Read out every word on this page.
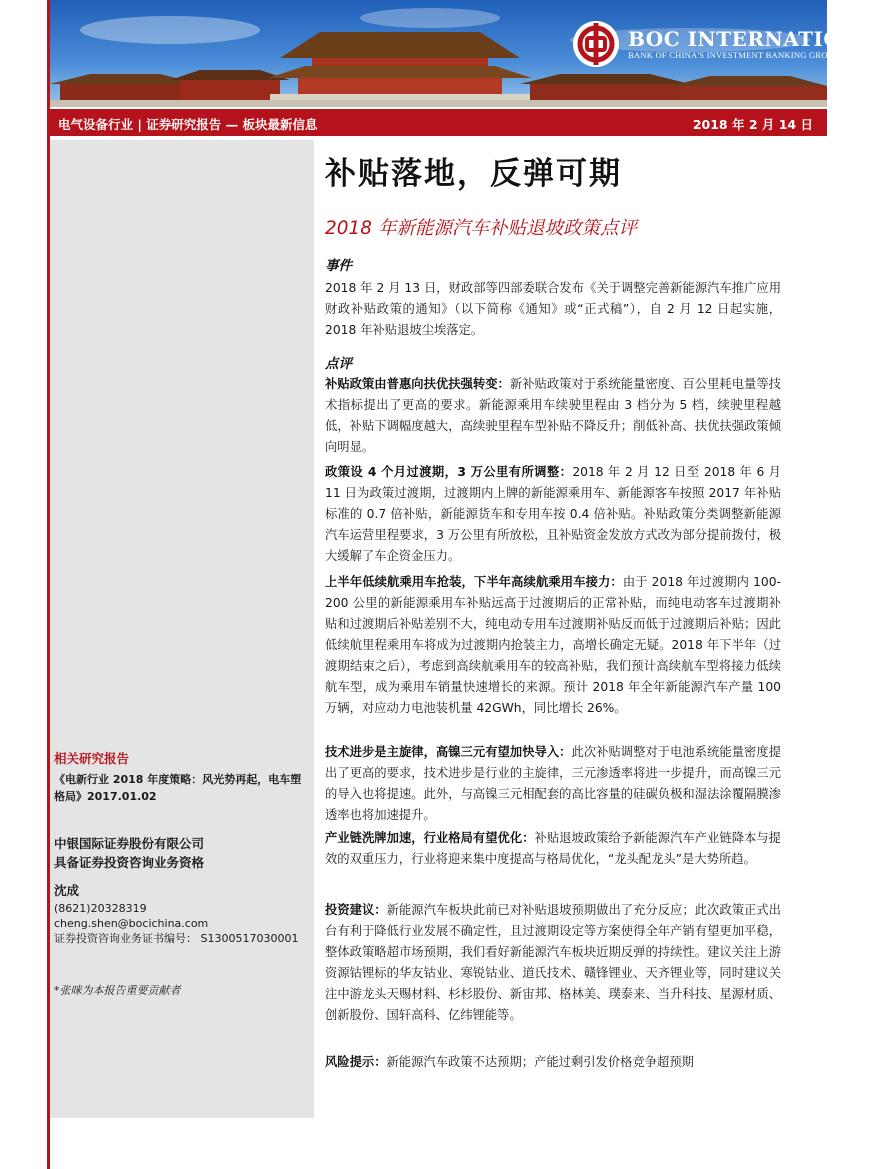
BOC INTERNATIONAL
BANK OF CHINA'S INVESTMENT BANKING GROUP
电气设备行业 | 证券研究报告 — 板块最新信息	2018 年 2 月 14 日
相关研究报告
《电新行业 2018 年度策略：风光势再起，电车塑格局》2017.01.02
中银国际证券股份有限公司
具备证券投资咨询业务资格
沈成
(8621)20328319
cheng.shen@bocichina.com
证券投资咨询业务证书编号： S1300517030001
*张咪为本报告重要贡献者
补贴落地，反弹可期
2018 年新能源汽车补贴退坡政策点评
事件
2018 年 2 月 13 日，财政部等四部委联合发布《关于调整完善新能源汽车推广应用财政补贴政策的通知》（以下简称《通知》或“正式稿”），自 2 月 12 日起实施，2018 年补贴退坡尘埃落定。
点评
补贴政策由普惠向扶优扶强转变：新补贴政策对于系统能量密度、百公里耗电量等技术指标提出了更高的要求。新能源乘用车续驶里程由 3 档分为 5 档，续驶里程越低，补贴下调幅度越大，高续驶里程车型补贴不降反升；削低补高、扶优扶强政策倾向明显。
政策设 4 个月过渡期，3 万公里有所调整：2018 年 2 月 12 日至 2018 年 6 月 11 日为政策过渡期，过渡期内上牌的新能源乘用车、新能源客车按照 2017 年补贴标准的 0.7 倍补贴，新能源货车和专用车按 0.4 倍补贴。补贴政策分类调整新能源汽车运营里程要求，3 万公里有所放松，且补贴资金发放方式改为部分提前拨付，极大缓解了车企资金压力。
上半年低续航乘用车抢装，下半年高续航乘用车接力：由于 2018 年过渡期内 100-200 公里的新能源乘用车补贴远高于过渡期后的正常补贴，而纯电动客车过渡期补贴和过渡期后补贴差别不大，纯电动专用车过渡期补贴反而低于过渡期后补贴；因此低续航里程乘用车将成为过渡期内抢装主力，高增长确定无疑。2018 年下半年（过渡期结束之后），考虑到高续航乘用车的较高补贴，我们预计高续航车型将接力低续航车型，成为乘用车销量快速增长的来源。预计 2018 年全年新能源汽车产量 100 万辆，对应动力电池装机量 42GWh，同比增长 26%。
技术进步是主旋律，高镍三元有望加快导入：此次补贴调整对于电池系统能量密度提出了更高的要求，技术进步是行业的主旋律，三元渗透率将进一步提升，而高镍三元的导入也将提速。此外，与高镍三元相配套的高比容量的硅碳负极和湿法涂覆隔膜渗透率也将加速提升。
产业链洗牌加速，行业格局有望优化：补贴退坡政策给予新能源汽车产业链降本与提效的双重压力，行业将迎来集中度提高与格局优化，“龙头配龙头”是大势所趋。
投资建议：新能源汽车板块此前已对补贴退坡预期做出了充分反应；此次政策正式出台有利于降低行业发展不确定性，且过渡期设定等方案使得全年产销有望更加平稳，整体政策略超市场预期，我们看好新能源汽车板块近期反弹的持续性。建议关注上游资源钴锂标的华友钴业、寒锐钴业、道氏技术、赣锋锂业、天齐锂业等，同时建议关注中游龙头天赐材料、杉杉股份、新宙邦、格林美、璞泰来、当升科技、星源材质、创新股份、国轩高科、亿纬锂能等。
风险提示：新能源汽车政策不达预期；产能过剩引发价格竞争超预期
